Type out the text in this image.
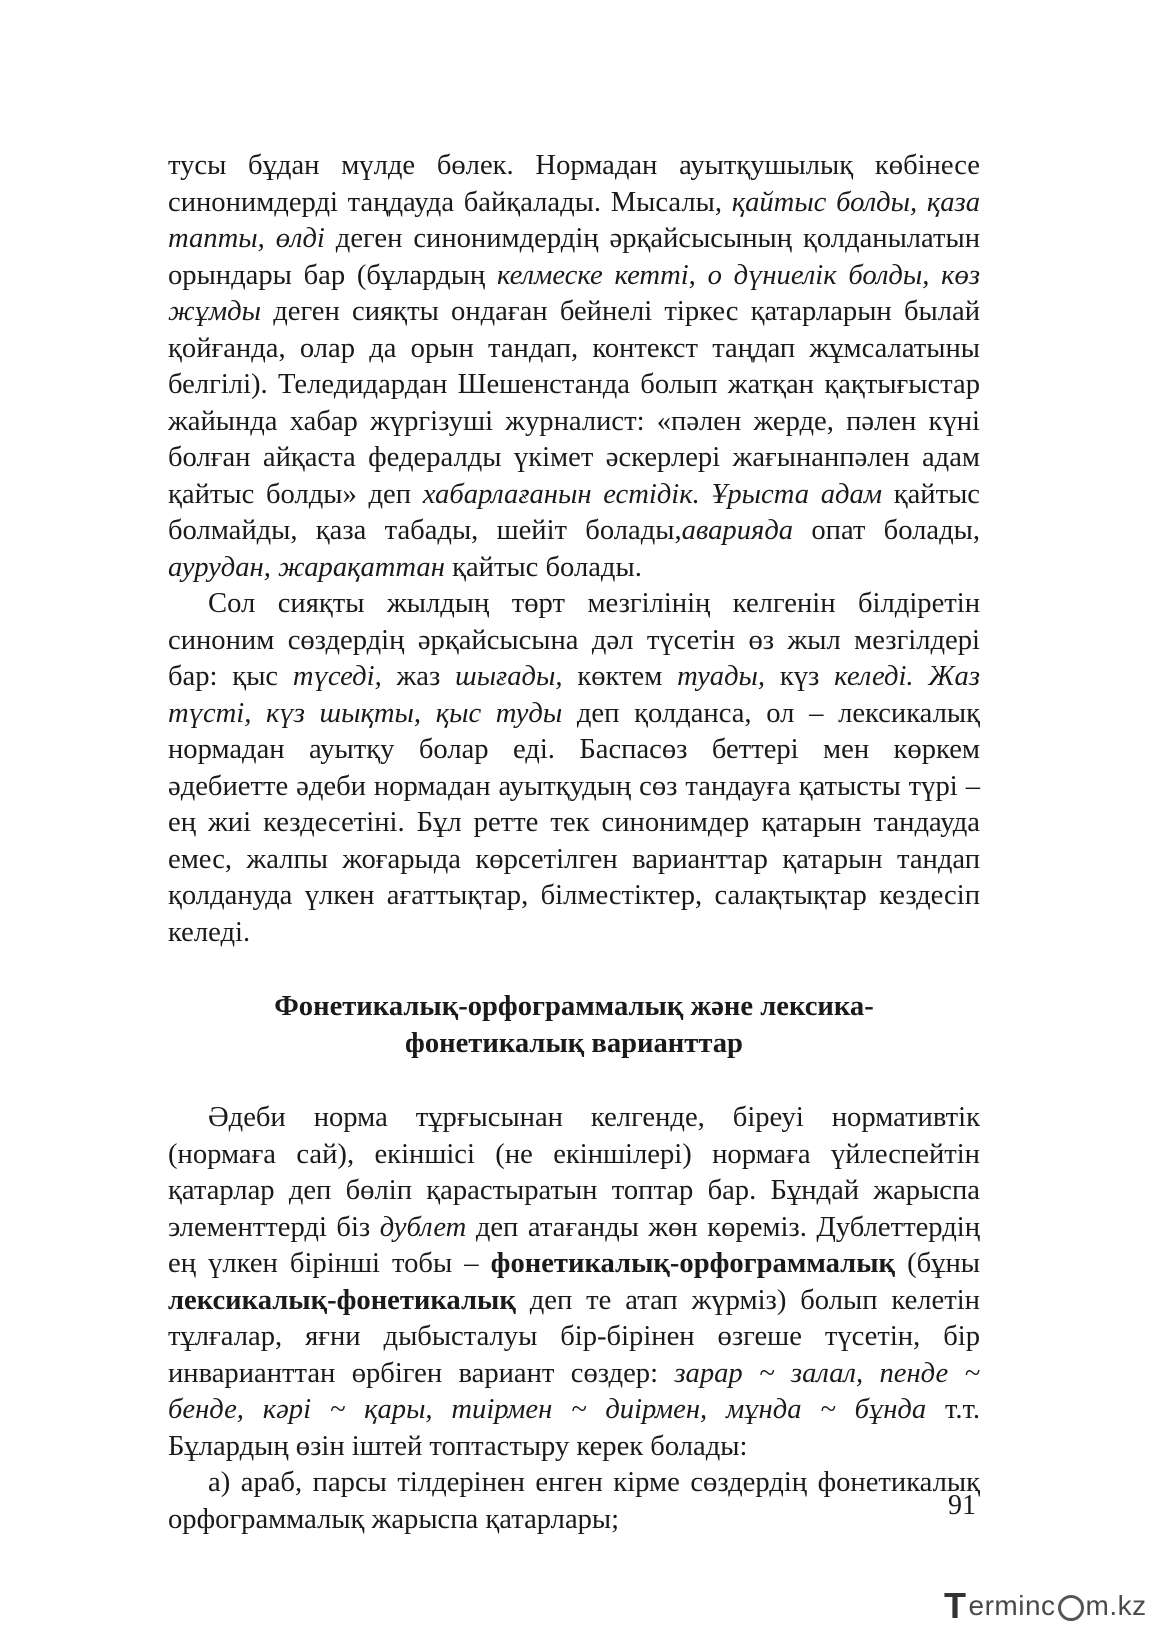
тусы бұдан мүлде бөлек. Нормадан ауытқушылық көбінесе синонимдерді таңдауда байқалады. Мысалы, қайтыс болды, қаза тапты, өлді деген синонимдердің әрқайсысының қолданылатын орындары бар (бұлардың келмеске кетті, о дүниелік болды, көз жұмды деген сияқты ондаған бейнелі тіркес қатарларын былай қойғанда, олар да орын тандап, контекст таңдап жұмсалатыны белгілі). Теледидардан Шешенстанда болып жатқан қақтығыстар жайында хабар жүргізуші журналист: «пәлен жерде, пәлен күні болған айқаста федералды үкімет әскерлері жағынанпәлен адам қайтыс болды» деп хабарлағанын естідік. Ұрыста адам қайтыс болмайды, қаза табады, шейіт болады,авариядa опат болады, аурудан, жарақаттан қайтыс болады.

Сол сияқты жылдың төрт мезгілінің келгенін білдіретін синоним сөздердің әрқайсысына дәл түсетін өз жыл мезгілдері бар: қыс түседі, жаз шығады, көктем туады, күз келеді. Жаз түсті, күз шықты, қыс туды деп қолданса, ол – лексикалық нормадан ауытқу болар еді. Баспасөз беттері мен көркем әдебиетте әдеби нормадан ауытқудың сөз тандауға қатысты түрі – ең жиі кездесетіні. Бұл ретте тек синонимдер қатарын тандауда емес, жалпы жоғарыда көрсетілген варианттар қатарын тандап қолдануда үлкен ағаттықтар, білместіктер, салақтықтар кездесіп келеді.

Фонетикалық-орфограммалық және лексика-

фонетикалық варианттар

Әдеби норма тұрғысынан келгенде, біреуі нормативтік (нормаға сай), екіншісі (не екіншілері) нормаға үйлеспейтін қатарлар деп бөліп қарастыратын топтар бар. Бұндай жарыспа элементтерді біз дублет деп атағанды жөн көреміз. Дублеттердің ең үлкен бірінші тобы – фонетикалық-орфограммалық (бұны лексикалық-фонетикалық деп те атап жүрміз) болып келетін тұлғалар, яғни дыбысталуы бір-бірінен өзгеше түсетін, бір инварианттан өрбіген вариант сөздер: зарар ~ залал, пенде ~ бенде, кәрі ~ қары, тиірмен ~ диірмен, мұнда ~ бұнда т.т. Бұлардың өзін іштей топтастыру керек болады:

а) араб, парсы тілдерінен енген кірме сөздердің фонетикалық орфограммалық жарыспа қатарлары;	91
T erminc m.kz
